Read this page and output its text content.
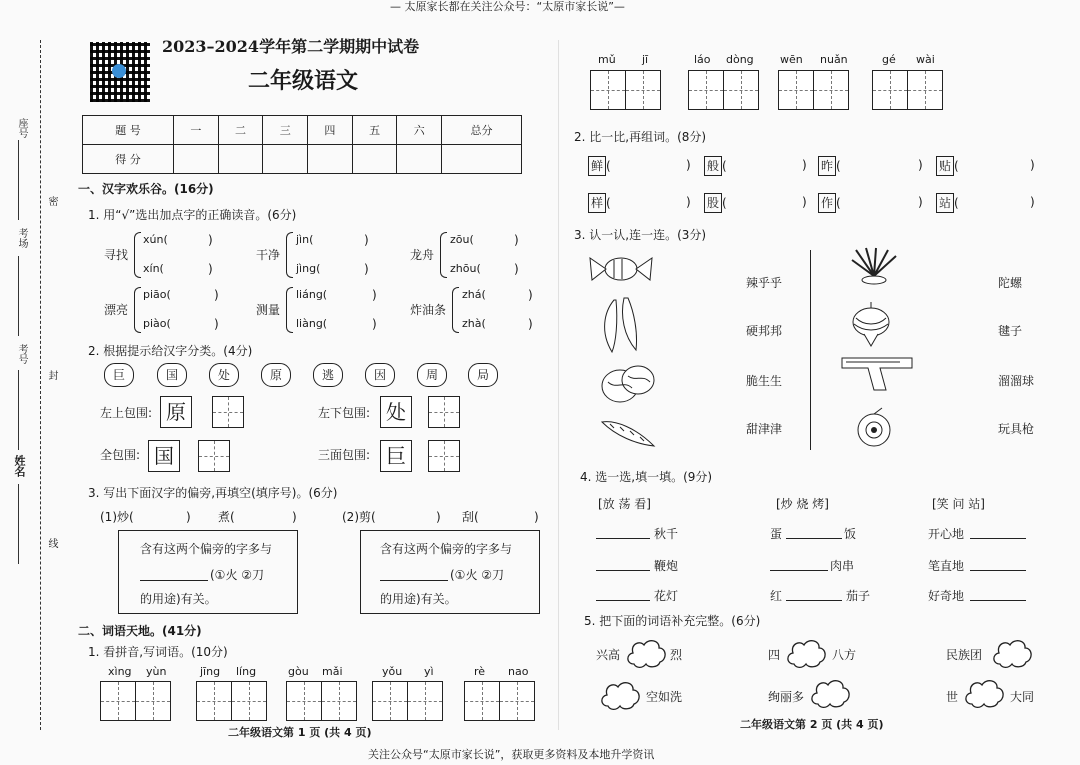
— 太原家长都在关注公众号：“太原市家长说”—
关注公众号“太原市家长说”，获取更多资料及本地升学资讯
座号
考场
考号
姓名
密
封
线
2023–2024学年第二学期期中试卷
二年级语文
题 号	一	二	三	四	五	六	总分
得 分							
一、汉字欢乐谷。(16分)
1. 用“√”选出加点字的正确读音。(6分)
寻找
xún(	)
xín(	)
干净
jìn(	)
jìng(	)
龙舟
zōu(	)
zhōu(	)
漂亮
piāo(	)
piào(	)
测量
liáng(	)
liàng(	)
炸油条
zhá(	)
zhà(	)
2. 根据提示给汉字分类。(4分)
巨	国	处	原	逃	因	周	局
左上包围: 原	左下包围: 处
全包围: 国	三面包围: 巨
3. 写出下面汉字的偏旁,再填空(填序号)。(6分)
(1)炒(	) 煮(	)	(2)剪(	) 刮(	)
含有这两个偏旁的字多与
(①火 ②刀
的用途)有关。
含有这两个偏旁的字多与
(①火 ②刀
的用途)有关。
二、词语天地。(41分)
1. 看拼音,写词语。(10分)
xìng yùn	jīng líng	gòu mǎi	yǒu yì	rè nao
二年级语文第 1 页 (共 4 页)
mǔ jī	láo dòng wēn nuǎn	gé wài
2. 比一比,再组词。(8分)
鲜 (	) 般 (	) 昨 (	) 贴 (	)
样 (	) 股 (	) 作 (	) 站 (	)
3. 认一认,连一连。(3分)
辣乎乎
硬邦邦
脆生生
甜津津
陀螺
毽子
溜溜球
玩具枪
4. 选一选,填一填。(9分)
[放 荡 看]	[炒 烧 烤]	[笑 问 站]
秋千
鞭炮
花灯
蛋	饭
肉串
红	茄子
开心地
笔直地
好奇地
5. 把下面的词语补充完整。(6分)
兴高	烈	四	八方	民族团
空如洗	绚丽多	世	大同
二年级语文第 2 页 (共 4 页)
